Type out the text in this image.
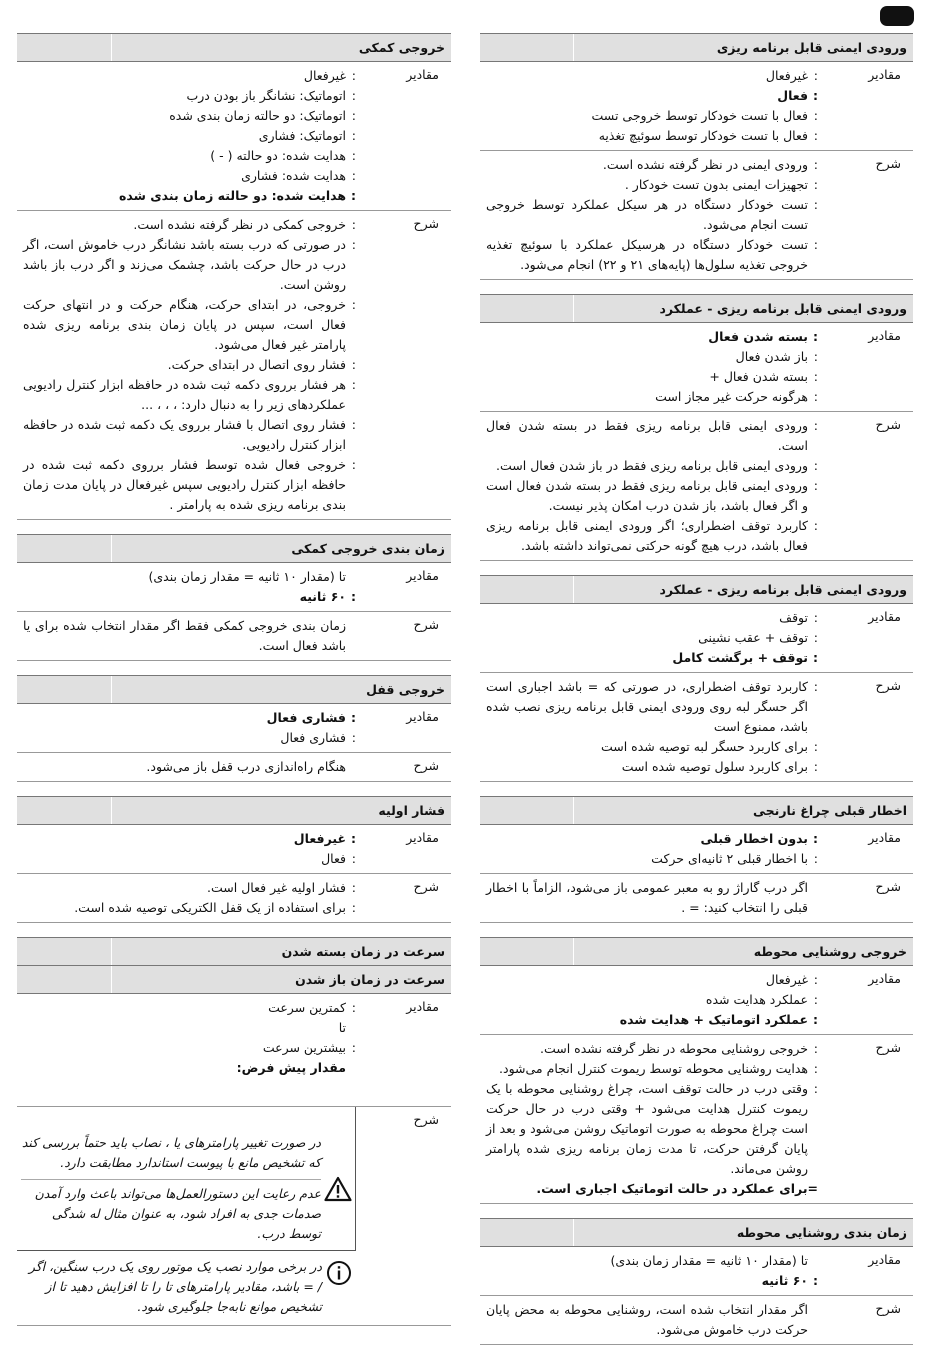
خروجی کمکی
مقادیر
:
غیرفعال
:
اتوماتیک: نشانگر باز بودن درب
:
اتوماتیک: دو حالته زمان بندی شده
:
اتوماتیک: فشاری
:
هدایت شده: دو حالته ( - )
:
هدایت شده: فشاری
:
هدایت شده: دو حالته زمان بندی شده
شرح
:
خروجی کمکی در نظر گرفته نشده است.
:
در صورتی که درب بسته باشد نشانگر درب خاموش است، اگر درب در حال حرکت باشد، چشمک می‌زند و اگر درب باز باشد روشن است.
:
خروجی، در ابتدای حرکت، هنگام حرکت و در انتهای حرکت فعال است، سپس در پایان زمان بندی برنامه ریزی شده پارامتر غیر فعال می‌شود.
:
فشار روی اتصال در ابتدای حرکت.
:
هر فشار برروی دکمه ثبت شده در حافظه ابزار کنترل رادیویی عملکردهای زیر را به دنبال دارد: ، ، ، ...
:
فشار روی اتصال با فشار برروی یک دکمه ثبت شده در حافظه ابزار کنترل رادیویی.
:
خروجی فعال شده توسط فشار برروی دکمه ثبت شده در حافظه ابزار کنترل رادیویی سپس غیرفعال در پایان مدت زمان بندی برنامه ریزی شده به پارامتر .
زمان بندی خروجی کمکی
مقادیر
تا (مقدار ۱۰ ثانیه = مقدار زمان بندی)
:
۶۰ ثانیه
شرح
زمان بندی خروجی کمکی فقط اگر مقدار انتخاب شده برای یا باشد فعال است.
خروجی قفل
مقادیر
:
فشاری فعال
:
فشاری فعال
شرح
هنگام راه‌اندازی درب قفل باز می‌شود.
فشار اولیه
مقادیر
:
غیرفعال
:
فعال
شرح
:
فشار اولیه غیر فعال است.
:
برای استفاده از یک قفل الکتریکی توصیه شده است.
سرعت در زمان بسته شدن
سرعت در زمان باز شدن
مقادیر
:
کمترین سرعت
تا
:
بیشترین سرعت
مقدار پیش فرض:
شرح
در صورت تغییر پارامترهای یا ، نصاب باید حتماً بررسی کند که تشخیص مانع با پیوست استاندارد مطابقت دارد.
عدم رعایت این دستورالعمل‌ها می‌تواند باعث وارد آمدن صدمات جدی به افراد شود، به عنوان مثال له شدگی توسط درب.
در برخی موارد نصب یک موتور روی یک درب سنگین، اگر / = باشد، مقادیر پارامترهای تا را تا افزایش دهید تا از تشخیص موانع نابه‌جا جلوگیری شود.
ورودی ایمنی قابل برنامه ریزی
مقادیر
:
غیرفعال
:
فعال
:
فعال با تست خودکار توسط خروجی تست
:
فعال با تست خودکار توسط سوئیچ تغذیه
شرح
:
ورودی ایمنی در نظر گرفته نشده است.
:
تجهیزات ایمنی بدون تست خودکار .
:
تست خودکار دستگاه در هر سیکل عملکرد توسط خروجی تست انجام می‌شود.
:
تست خودکار دستگاه در هرسیکل عملکرد با سوئیچ تغذیه خروجی تغذیه سلول‌ها (پایه‌های ۲۱ و ۲۲) انجام می‌شود.
ورودی ایمنی قابل برنامه ریزی - عملکرد
مقادیر
:
بسته شدن فعال
:
باز شدن فعال
:
بسته شدن فعال +
:
هرگونه حرکت غیر مجاز است
شرح
:
ورودی ایمنی قابل برنامه ریزی فقط در بسته شدن فعال است.
:
ورودی ایمنی قابل برنامه ریزی فقط در باز شدن فعال است.
:
ورودی ایمنی قابل برنامه ریزی فقط در بسته شدن فعال است و اگر فعال باشد، باز شدن درب امکان پذیر نیست.
:
کاربرد توقف اضطراری؛ اگر ورودی ایمنی قابل برنامه ریزی فعال باشد، درب هیچ گونه حرکتی نمی‌تواند داشته باشد.
ورودی ایمنی قابل برنامه ریزی - عملکرد
مقادیر
:
توقف
:
توقف + عقب نشینی
:
توقف + برگشت کامل
شرح
:
کاربرد توقف اضطراری، در صورتی که = باشد اجباری است اگر حسگر لبه روی ورودی ایمنی قابل برنامه ریزی نصب شده باشد، ممنوع است
:
برای کاربرد حسگر لبه توصیه شده است
:
برای کاربرد سلول توصیه شده است
اخطار قبلی چراغ نارنجی
مقادیر
:
بدون اخطار قبلی
:
با اخطار قبلی ۲ ثانیه‌ای حرکت
شرح
اگر درب گاراژ رو به معبر عمومی باز می‌شود، الزاماً با اخطار قبلی را انتخاب کنید: = .
خروجی روشنایی محوطه
مقادیر
:
غیرفعال
:
عملکرد هدایت شده
:
عملکرد اتوماتیک + هدایت شده
شرح
:
خروجی روشنایی محوطه در نظر گرفته نشده است.
:
هدایت روشنایی محوطه توسط ریموت کنترل انجام می‌شود.
:
وقتی درب در حالت توقف است، چراغ روشنایی محوطه با یک ریموت کنترل هدایت می‌شود + وقتی درب در حال حرکت است چراغ محوطه به صورت اتوماتیک روشن می‌شود و بعد از پایان گرفتن حرکت، تا مدت زمان برنامه ریزی شده پارامتر روشن می‌ماند.
=
برای عملکرد در حالت اتوماتیک اجباری است.
زمان بندی روشنایی محوطه
مقادیر
تا (مقدار ۱۰ ثانیه = مقدار زمان بندی)
:
۶۰ ثانیه
شرح
اگر مقدار انتخاب شده است، روشنایی محوطه به محض پایان حرکت درب خاموش می‌شود.
